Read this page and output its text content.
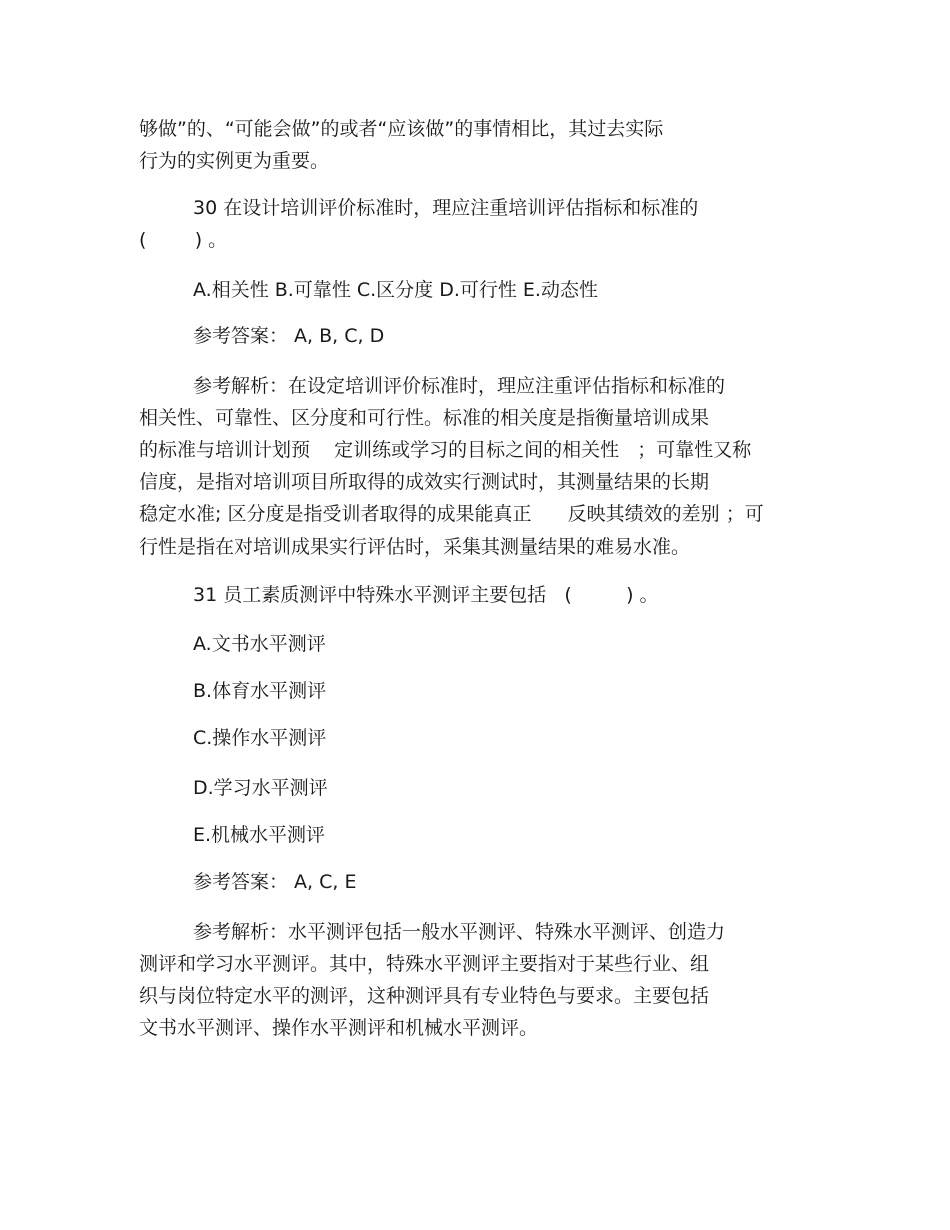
够做”的、“可能会做”的或者“应该做”的事情相比，其过去实际
行为的实例更为重要。
30 在设计培训评价标准时，理应注重培训评估指标和标准的
(        ) 。
A.相关性 B.可靠性 C.区分度 D.可行性 E.动态性
参考答案： A, B, C, D
参考解析：在设定培训评价标准时，理应注重评估指标和标准的
相关性、可靠性、区分度和可行性。标准的相关度是指衡量培训成果
的标准与培训计划预    定训练或学习的目标之间的相关性   ；可靠性又称
信度，是指对培训项目所取得的成效实行测试时，其测量结果的长期
稳定水准; 区分度是指受训者取得的成果能真正      反映其绩效的差别 ；可
行性是指在对培训成果实行评估时，采集其测量结果的难易水准。
31 员工素质测评中特殊水平测评主要包括   (         ) 。
A.文书水平测评
B.体育水平测评
C.操作水平测评
D.学习水平测评
E.机械水平测评
参考答案： A, C, E
参考解析：水平测评包括一般水平测评、特殊水平测评、创造力
测评和学习水平测评。其中，特殊水平测评主要指对于某些行业、组
织与岗位特定水平的测评，这种测评具有专业特色与要求。主要包括
文书水平测评、操作水平测评和机械水平测评。
